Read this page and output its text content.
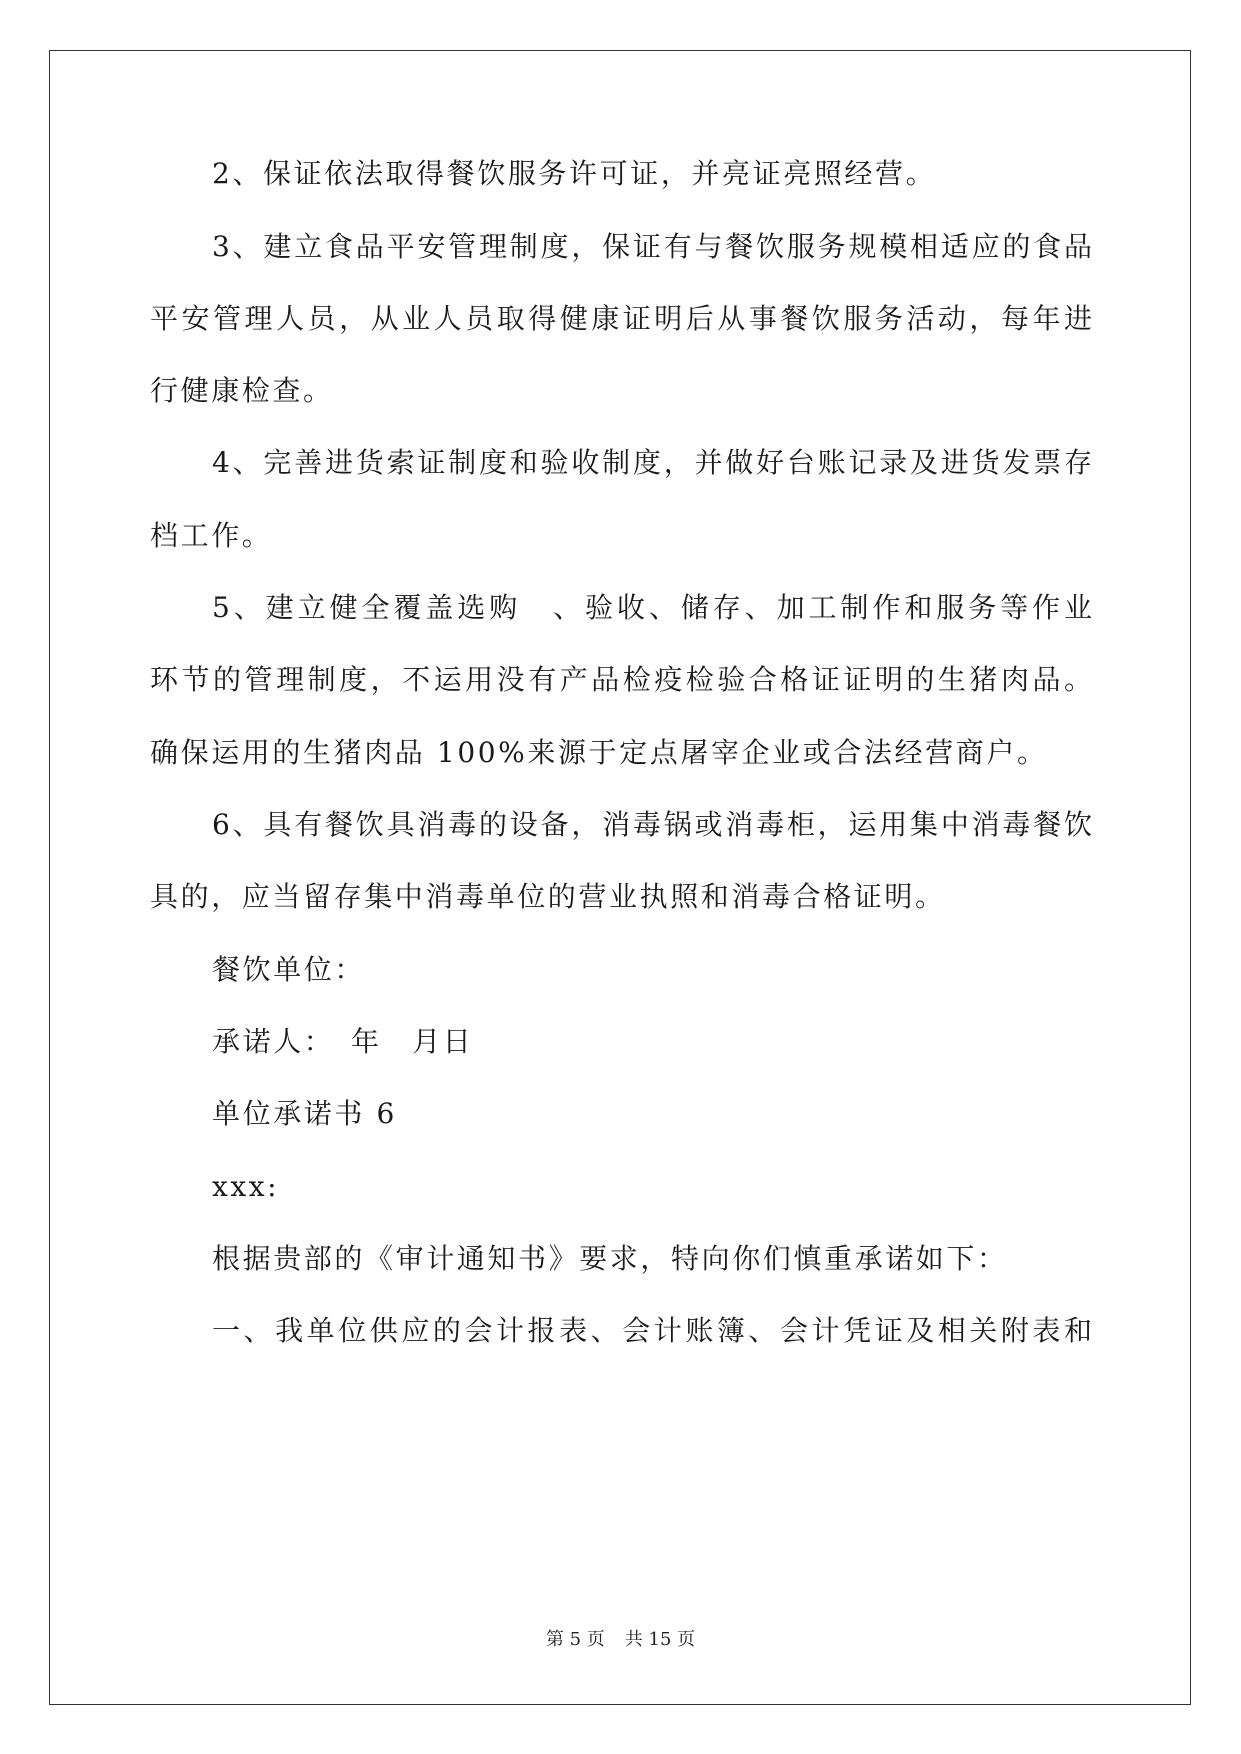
2、保证依法取得餐饮服务许可证，并亮证亮照经营。
3、建立食品平安管理制度，保证有与餐饮服务规模相适应的食品
平安管理人员，从业人员取得健康证明后从事餐饮服务活动，每年进
行健康检查。
4、完善进货索证制度和验收制度，并做好台账记录及进货发票存
档工作。
5、建立健全覆盖选购　、验收、储存、加工制作和服务等作业
环节的管理制度，不运用没有产品检疫检验合格证证明的生猪肉品。
确保运用的生猪肉品 100%来源于定点屠宰企业或合法经营商户。
6、具有餐饮具消毒的设备，消毒锅或消毒柜，运用集中消毒餐饮
具的，应当留存集中消毒单位的营业执照和消毒合格证明。
餐饮单位：
承诺人：　年　月日
单位承诺书 6
xxx:
根据贵部的《审计通知书》要求，特向你们慎重承诺如下：
一、我单位供应的会计报表、会计账簿、会计凭证及相关附表和
第 5 页 共 15 页
